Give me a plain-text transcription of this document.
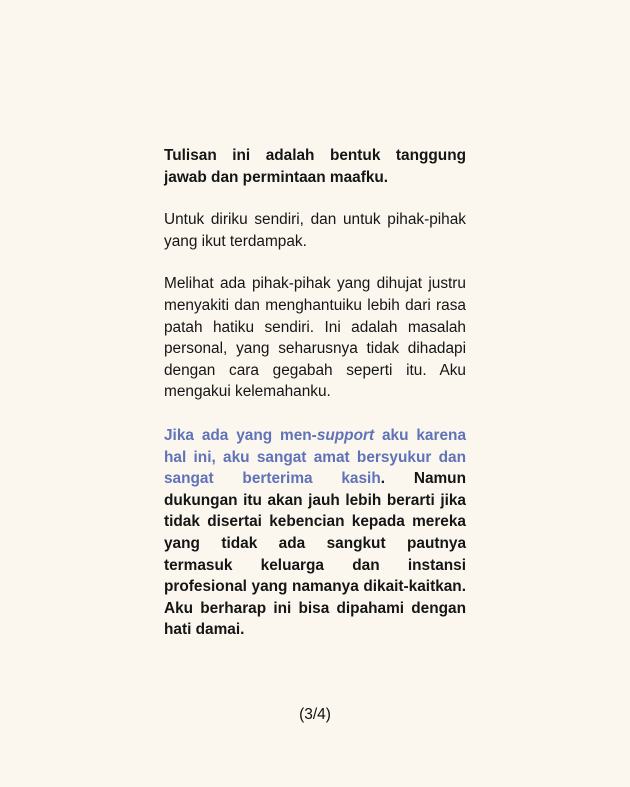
Tulisan ini adalah bentuk tanggung jawab dan permintaan maafku.

Untuk diriku sendiri, dan untuk pihak-pihak yang ikut terdampak.

Melihat ada pihak-pihak yang dihujat justru menyakiti dan menghantuiku lebih dari rasa patah hatiku sendiri. Ini adalah masalah personal, yang seharusnya tidak dihadapi dengan cara gegabah seperti itu. Aku mengakui kelemahanku.

Jika ada yang men-support aku karena hal ini, aku sangat amat bersyukur dan sangat berterima kasih. Namun dukungan itu akan jauh lebih berarti jika tidak disertai kebencian kepada mereka yang tidak ada sangkut pautnya termasuk keluarga dan instansi profesional yang namanya dikait-kaitkan. Aku berharap ini bisa dipahami dengan hati damai.

(3/4)
